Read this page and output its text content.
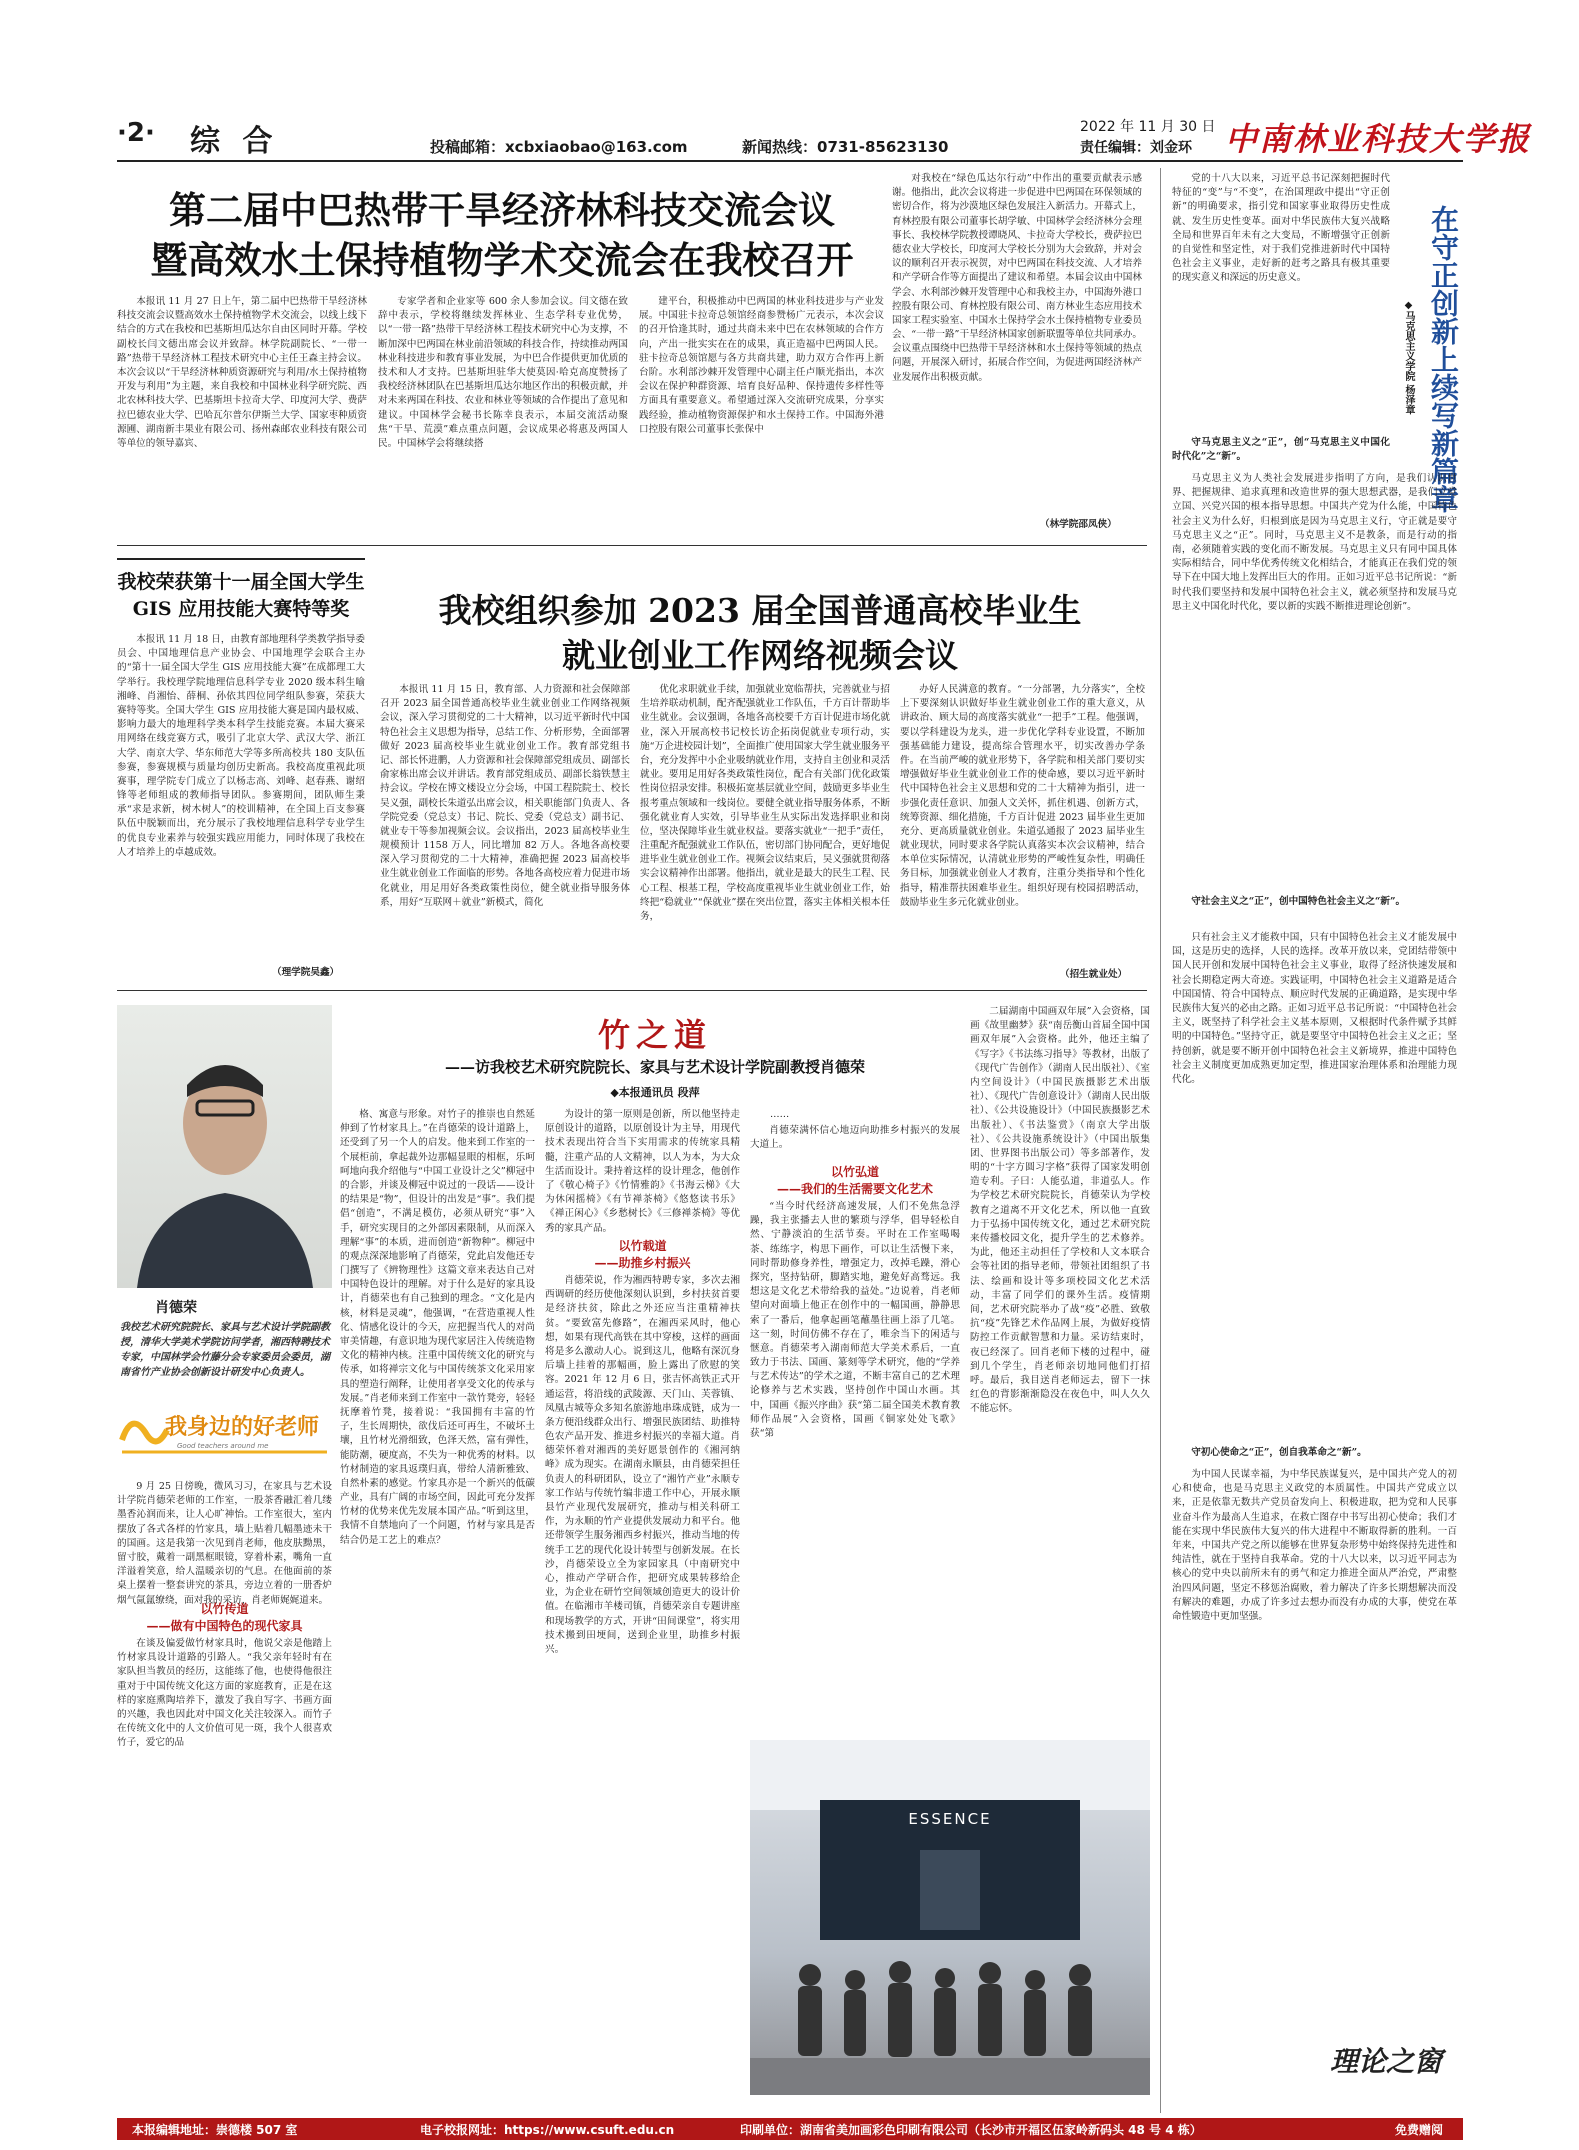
·2· 综 合	投稿邮箱：xcbxiaobao@163.com	新闻热线：0731-85623130
2022 年 11 月 30 日
责任编辑：刘金环 中南林业科技大学报
第二届中巴热带干旱经济林科技交流会议
暨高效水土保持植物学术交流会在我校召开

本报讯 11 月 27 日上午，第二届中巴热带干旱经济林科技交流会议暨高效水土保持植物学术交流会，以线上线下结合的方式在我校和巴基斯坦瓜达尔自由区同时开幕。学校副校长闫文德出席会议并致辞。林学院副院长、“一带一路”热带干旱经济林工程技术研究中心主任王森主持会议。本次会议以“干旱经济林种质资源研究与利用/水土保持植物开发与利用”为主题，来自我校和中国林业科学研究院、西北农林科技大学、巴基斯坦卡拉奇大学、印度河大学、费萨拉巴德农业大学、巴哈瓦尔普尔伊斯兰大学、国家枣种质资源圃、湖南新丰果业有限公司、扬州森邮农业科技有限公司等单位的领导嘉宾、

专家学者和企业家等 600 余人参加会议。闫文德在致辞中表示，学校将继续发挥林业、生态学科专业优势，以“一带一路”热带干旱经济林工程技术研究中心为支撑，不断加深中巴两国在林业前沿领域的科技合作，持续推动两国林业科技进步和教育事业发展，为中巴合作提供更加优质的技术和人才支持。巴基斯坦驻华大使莫因·哈克高度赞扬了我校经济林团队在巴基斯坦瓜达尔地区作出的积极贡献，并对未来两国在科技、农业和林业等领域的合作提出了意见和建议。中国林学会秘书长陈幸良表示，本届交流活动聚焦“干旱、荒漠”难点重点问题，会议成果必将惠及两国人民。中国林学会将继续搭

建平台，积极推动中巴两国的林业科技进步与产业发展。中国驻卡拉奇总领馆经商参赞杨广元表示，本次会议的召开恰逢其时，通过共商未来中巴在农林领域的合作方向，产出一批实实在在的成果，真正造福中巴两国人民。驻卡拉奇总领馆愿与各方共商共建，助力双方合作再上新台阶。水利部沙棘开发管理中心副主任卢顺光指出，本次会议在保护种群资源、培育良好品种、保持遗传多样性等方面具有重要意义。希望通过深入交流研究成果，分享实践经验，推动植物资源保护和水土保持工作。中国海外港口控股有限公司董事长张保中

对我校在“绿色瓜达尔行动”中作出的重要贡献表示感谢。他指出，此次会议将进一步促进中巴两国在环保领域的密切合作，将为沙漠地区绿色发展注入新活力。开幕式上，育林控股有限公司董事长胡学敏、中国林学会经济林分会理事长、我校林学院教授谭晓风、卡拉奇大学校长，费萨拉巴德农业大学校长，印度河大学校长分别为大会致辞，并对会议的顺利召开表示祝贺，对中巴两国在科技交流、人才培养和产学研合作等方面提出了建议和希望。本届会议由中国林学会、水利部沙棘开发管理中心和我校主办，中国海外港口控股有限公司、育林控股有限公司、南方林业生态应用技术国家工程实验室、中国水土保持学会水土保持植物专业委员会、“一带一路”干旱经济林国家创新联盟等单位共同承办。会议重点围绕中巴热带干旱经济林和水土保持等领域的热点问题，开展深入研讨，拓展合作空间，为促进两国经济林产业发展作出积极贡献。

（林学院邵凤侠）
我校荣获第十一届全国大学生
GIS 应用技能大赛特等奖

本报讯 11 月 18 日，由教育部地理科学类教学指导委员会、中国地理信息产业协会、中国地理学会联合主办的“第十一届全国大学生 GIS 应用技能大赛”在成都理工大学举行。我校理学院地理信息科学专业 2020 级本科生喻湘峰、肖湘怡、薛桐、孙依其四位同学组队参赛，荣获大赛特等奖。全国大学生 GIS 应用技能大赛是国内最权威、影响力最大的地理科学类本科学生技能竞赛。本届大赛采用网络在线竞赛方式，吸引了北京大学、武汉大学、浙江大学、南京大学、华东师范大学等多所高校共 180 支队伍参赛，参赛规模与质量均创历史新高。我校高度重视此项赛事，理学院专门成立了以杨志高、刘峰、赵春燕、谢绍锋等老师组成的教师指导团队。参赛期间，团队师生秉承“求是求新，树木树人”的校训精神，在全国上百支参赛队伍中脱颖而出，充分展示了我校地理信息科学专业学生的优良专业素养与较强实践应用能力，同时体现了我校在人才培养上的卓越成效。

（理学院吴鑫）
我校组织参加 2023 届全国普通高校毕业生
就业创业工作网络视频会议

本报讯 11 月 15 日，教育部、人力资源和社会保障部召开 2023 届全国普通高校毕业生就业创业工作网络视频会议，深入学习贯彻党的二十大精神，以习近平新时代中国特色社会主义思想为指导，总结工作、分析形势，全面部署做好 2023 届高校毕业生就业创业工作。教育部党组书记、部长怀进鹏，人力资源和社会保障部党组成员、副部长俞家栋出席会议并讲话。教育部党组成员、副部长翁铁慧主持会议。学校在博文楼设立分会场，中国工程院院士、校长吴义强，副校长朱道弘出席会议，相关职能部门负责人、各学院党委（党总支）书记、院长、党委（党总支）副书记、就业专干等参加视频会议。会议指出，2023 届高校毕业生规模预计 1158 万人，同比增加 82 万人。各地各高校要深入学习贯彻党的二十大精神，准确把握 2023 届高校毕业生就业创业工作面临的形势。各地各高校应着力促进市场化就业，用足用好各类政策性岗位，健全就业指导服务体系，用好“互联网＋就业”新模式，简化

优化求职就业手续，加强就业宽临帮扶，完善就业与招生培养联动机制，配齐配强就业工作队伍，千方百计帮助毕业生就业。会议强调，各地各高校要千方百计促进市场化就业，深入开展高校书记校长访企拓岗促就业专项行动，实施“万企进校园计划”，全面推广使用国家大学生就业服务平台，充分发挥中小企业吸纳就业作用，支持自主创业和灵活就业。要用足用好各类政策性岗位，配合有关部门优化政策性岗位招录安排。积极拓宽基层就业空间，鼓励更多毕业生报考重点领域和一线岗位。要健全就业指导服务体系，不断强化就业育人实效，引导毕业生从实际出发选择职业和岗位，坚决保障毕业生就业权益。要落实就业“一把手”责任，注重配齐配强就业工作队伍，密切部门协同配合，更好地促进毕业生就业创业工作。视频会议结束后，吴义强就贯彻落实会议精神作出部署。他指出，就业是最大的民生工程、民心工程、根基工程，学校高度重视毕业生就业创业工作，始终把“稳就业”“保就业”摆在突出位置，落实主体相关根本任务，

办好人民满意的教育。“一分部署，九分落实”，全校上下要深刻认识做好毕业生就业创业工作的重大意义，从讲政治、顾大局的高度落实就业“一把手”工程。他强调，要以学科建设为龙头，进一步优化学科专业设置，不断加强基础能力建设，提高综合管理水平，切实改善办学条件。在当前严峻的就业形势下，各学院和相关部门要切实增强做好毕业生就业创业工作的使命感，要以习近平新时代中国特色社会主义思想和党的二十大精神为指引，进一步强化责任意识、加强人文关怀，抓住机遇、创新方式，统筹资源、细化措施，千方百计促进 2023 届毕业生更加充分、更高质量就业创业。朱道弘通报了 2023 届毕业生就业现状，同时要求各学院认真落实本次会议精神，结合本单位实际情况，认清就业形势的严峻性复杂性，明确任务目标，加强就业创业人才教育，注重分类指导和个性化指导，精准帮扶困难毕业生。组织好现有校园招聘活动，鼓励毕业生多元化就业创业。

（招生就业处）
肖德荣
我校艺术研究院院长、家具与艺术设计学院副教授，清华大学美术学院访问学者，湘西特聘技术专家，中国林学会竹藤分会专家委员会委员，湖南省竹产业协会创新设计研发中心负责人。
我身边的好老师
Good teachers around me
竹之道
——访我校艺术研究院院长、家具与艺术设计学院副教授肖德荣
◆本报通讯员 段萍

9 月 25 日傍晚，微风习习，在家具与艺术设计学院肖德荣老师的工作室，一股茶香融汇着几缕墨香沁润而来，让人心旷神怡。工作室很大，室内摆放了各式各样的竹家具，墙上贴着几幅墨迹未干的国画。这是我第一次见到肖老师，他皮肤黝黑，留寸胶，戴着一副黑框眼镜，穿着朴素，嘴角一直洋溢着笑意，给人温暖亲切的气息。在他面前的茶桌上摆着一整套讲究的茶具，旁边立着的一册香炉烟气氤氲缭绕，面对我的采访，肖老师娓娓道来。

以竹传道
——做有中国特色的现代家具

在谈及偏爱做竹材家具时，他说父亲是他踏上竹材家具设计道路的引路人。“我父亲年轻时有在家队担当教员的经历，这能练了他，也使得他很注重对于中国传统文化这方面的家庭教育，正是在这样的家庭熏陶培养下，激发了我自写字、书画方面的兴趣，我也因此对中国文化关注较深入。而竹子在传统文化中的人文价值可见一斑，我个人很喜欢竹子，爱它的品

格、寓意与形象。对竹子的推崇也自然延伸到了竹材家具上。”在肖德荣的设计道路上，还受到了另一个人的启发。他来到工作室的一个展柜前，拿起裁外边那幅显眼的相框，乐呵呵地向我介绍他与“中国工业设计之父”柳冠中的合影，并谈及柳冠中说过的一段话——设计的结果是“物”，但设计的出发是“事”。我们提倡“创造”，不满足模仿，必须从研究“事”入手，研究实现目的之外部因素限制，从而深入理解“事”的本质，进而创造“新物种”。柳冠中的观点深深地影响了肖德荣，党此启发他还专门撰写了《辨物理性》这篇文章来表达自己对中国特色设计的理解。对于什么是好的家具设计，肖德荣也有自己独到的理念。“文化是内核，材料是灵魂”，他强调，“在营造重视人性化、情感化设计的今天，应把握当代人的对尚审美情趣，有意识地为现代家居注入传统造物文化的精神内核。注重中国传统文化的研究与传承，如将禅宗文化与中国传统茶文化采用家具的塑造行阐释，让使用者享受文化的传承与发展。”肖老师来到工作室中一款竹凳旁，轻轻抚摩着竹凳，接着说：“我国拥有丰富的竹子，生长周期快，欲伐后还可再生，不破坏土壤，且竹材光滑细致，色泽天然，富有弹性，能防潮，硬度高，不失为一种优秀的材料。以竹材制造的家具返璞归真，带给人清新雅致、自然朴素的感觉。竹家具亦是一个新兴的低碳产业，具有广阔的市场空间，因此可充分发挥竹材的优势来优先发展本国产品。”听到这里，我情不自禁地向了一个问题，竹材与家具是否结合仍是工艺上的难点？

为设计的第一原则是创新，所以他坚持走原创设计的道路，以原创设计为主导，用现代技术表现出符合当下实用需求的传统家具精髓，注重产品的人文精神，以人为本，为大众生活而设计。秉持着这样的设计理念，他创作了《敬心椅子》《竹情雅韵》《书海云梯》《大为休闲摇椅》《有节禅茶椅》《悠悠读书乐》《禅正闲心》《乡愁树长》《三修禅茶椅》等优秀的家具产品。

以竹载道
——助推乡村振兴

肖德荣说，作为湘西特聘专家，多次去湘西调研的经历使他深刻认识到，乡村扶贫首要是经济扶贫，除此之外还应当注重精神扶贫。“要致富先修路”，在湘西采风时，他心想，如果有现代高铁在其中穿梭，这样的画面将是多么激动人心。说到这儿，他略有深沉身后墙上挂着的那幅画，脸上露出了欣慰的笑容。2021 年 12 月 6 日，张吉怀高铁正式开通运营，将沿线的武陵源、天门山、芙蓉镇、凤凰古城等众多知名旅游地串珠成链，成为一条方便沿线群众出行、增强民族团结、助推特色农产品开发、推进乡村振兴的幸福大道。肖德荣怀着对湘西的美好愿景创作的《湘河纳峰》成为现实。在湖南永顺县，由肖德荣担任负责人的科研团队，设立了“湘竹产业”永顺专家工作站与传统竹编非遗工作中心，开展永顺县竹产业现代发展研究，推动与相关科研工作，为永顺的竹产业提供发展动力和平台。他还带领学生服务湘西乡村振兴，推动当地的传统手工艺的现代化设计转型与创新发展。在长沙，肖德荣设立全为家园家具（中南研究中心，推动产学研合作，把研究成果转移给企业，为企业在研竹空间领域创造更大的设计价值。在临湘市羊楼司镇，肖德荣亲自专题讲座和现场教学的方式，开讲“田间课堂”，将实用技术搬到田埂间，送到企业里，助推乡村振兴。

……

肖德荣满怀信心地迈向助推乡村振兴的发展大道上。

以竹弘道
——我们的生活需要文化艺术

“当今时代经济高速发展，人们不免焦急浮躁，我主张播去人世的繁琐与浮华，倡导轻松自然、宁静淡泊的生活节奏。平时在工作室喝喝茶、练练字，构思下画作，可以让生活慢下来，同时帮助修身养性，增强定力，改掉毛躁，滑心探究，坚持钻研，脚踏实地，避免好高骛远。我想这是文化艺术带给我的益处。”边说着，肖老师望向对面墙上他正在创作中的一幅国画，静静思索了一番后，他拿起画笔蘸墨往画上添了几笔。这一刻，时间仿佛不存在了，唯余当下的闲适与惬意。肖德荣考入湖南师范大学美术系后，一直致力于书法、国画、篆刻等学术研究，他的“学养与艺术传达”的学术之道，不断丰富自己的艺术理论修养与艺术实践，坚持创作中国山水画。其中，国画《振兴序曲》获“第二届全国美术教育教师作品展”入会资格，国画《铜家处处飞歌》获“第

二届湖南中国画双年展”入会资格，国画《故里幽梦》获“南岳衡山首届全国中国画双年展”入会资格。此外，他还主编了《写字》《书法练习指导》等教材，出版了《现代广告创作》（湖南人民出版社）、《室内空间设计》（中国民族摄影艺术出版社）、《现代广告创意设计》（湖南人民出版社）、《公共设施设计》（中国民族摄影艺术出版社）、《书法鉴赏》（南京大学出版社）、《公共设施系统设计》（中国出版集团、世界图书出版公司）等多部著作，发明的“十字方圆习字格”获得了国家发明创造专利。子曰：人能弘道，非道弘人。作为学校艺术研究院院长，肖德荣认为学校教育之道离不开文化艺术，所以他一直致力于弘扬中国传统文化，通过艺术研究院来传播校园文化，提升学生的艺术修养。为此，他还主动担任了学校和人文本联合会等社团的指导老师，带领社团组织了书法、绘画和设计等多项校园文化艺术活动，丰富了同学们的课外生活。疫情期间，艺术研究院举办了战“疫”必胜、致敬抗“疫”先锋艺术作品网上展，为做好疫情防控工作贡献智慧和力量。采访结束时，夜已经深了。回肖老师下楼的过程中，碰到几个学生，肖老师亲切地同他们打招呼。最后，我目送肖老师远去，留下一抹红色的背影渐渐隐没在夜色中，叫人久久不能忘怀。

ESSENCE
在守正创新上续写新篇章
◆马克思主义学院 杨泽章

党的十八大以来，习近平总书记深刻把握时代特征的“变”与“不变”，在治国理政中提出“守正创新”的明确要求，指引党和国家事业取得历史性成就、发生历史性变革。面对中华民族伟大复兴战略全局和世界百年未有之大变局，不断增强守正创新的自觉性和坚定性，对于我们党推进新时代中国特色社会主义事业，走好新的赶考之路具有极其重要的现实意义和深远的历史意义。

守马克思主义之“正”，创“马克思主义中国化时代化”之“新”。

马克思主义为人类社会发展进步指明了方向，是我们认识世界、把握规律、追求真理和改造世界的强大思想武器，是我们立党立国、兴党兴国的根本指导思想。中国共产党为什么能，中国特色社会主义为什么好，归根到底是因为马克思主义行，守正就是要守马克思主义之“正”。同时，马克思主义不是教条，而是行动的指南，必须随着实践的变化而不断发展。马克思主义只有同中国具体实际相结合，同中华优秀传统文化相结合，才能真正在我们党的领导下在中国大地上发挥出巨大的作用。正如习近平总书记所说：“新时代我们要坚持和发展中国特色社会主义，就必须坚持和发展马克思主义中国化时代化，要以新的实践不断推进理论创新”。

守社会主义之“正”，创中国特色社会主义之“新”。

只有社会主义才能救中国，只有中国特色社会主义才能发展中国，这是历史的选择，人民的选择。改革开放以来，党团结带领中国人民开创和发展中国特色社会主义事业，取得了经济快速发展和社会长期稳定两大奇迹。实践证明，中国特色社会主义道路是适合中国国情、符合中国特点、顺应时代发展的正确道路，是实现中华民族伟大复兴的必由之路。正如习近平总书记所说：“中国特色社会主义，既坚持了科学社会主义基本原则，又根据时代条件赋予其鲜明的中国特色。”坚持守正，就是要坚守中国特色社会主义之正；坚持创新，就是要不断开创中国特色社会主义新境界，推进中国特色社会主义制度更加成熟更加定型，推进国家治理体系和治理能力现代化。

守初心使命之“正”，创自我革命之“新”。

为中国人民谋幸福，为中华民族谋复兴，是中国共产党人的初心和使命，也是马克思主义政党的本质属性。中国共产党成立以来，正是依靠无数共产党员奋发向上、积极进取，把为党和人民事业奋斗作为最高人生追求，在救亡图存中书写出初心使命；我们才能在实现中华民族伟大复兴的伟大进程中不断取得新的胜利。一百年来，中国共产党之所以能够在世界复杂形势中始终保持先进性和纯洁性，就在于坚持自我革命。党的十八大以来，以习近平同志为核心的党中央以前所未有的勇气和定力推进全面从严治党，严肃整治四风问题，坚定不移惩治腐败，着力解决了许多长期想解决而没有解决的难题，办成了许多过去想办而没有办成的大事，使党在革命性锻造中更加坚强。

理论之窗
本报编辑地址：崇德楼 507 室	电子校报网址：https://www.csuft.edu.cn	印刷单位：湖南省美加画彩色印刷有限公司（长沙市开福区伍家岭新码头 48 号 4 栋）	免费赠阅
